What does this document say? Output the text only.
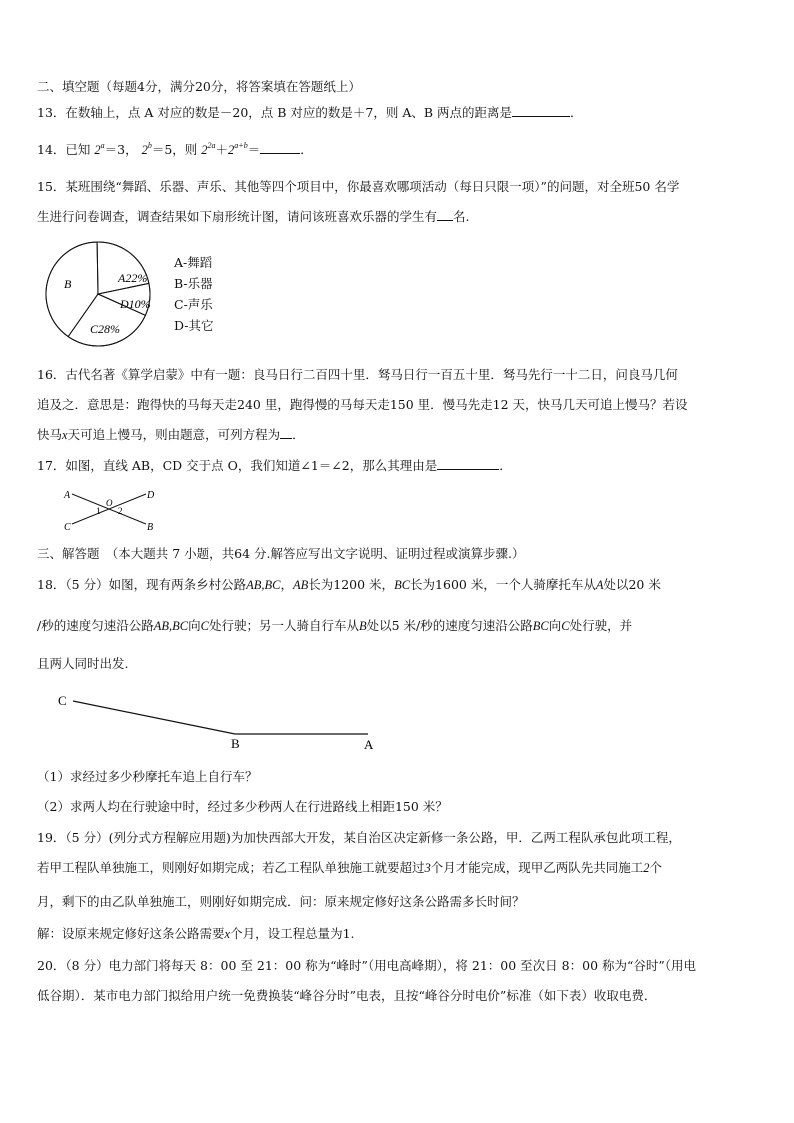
二、填空题（每题4分，满分20分，将答案填在答题纸上）
13．在数轴上，点 A 对应的数是－20，点 B 对应的数是＋7，则 A、B 两点的距离是	．
14．已知 $2^a=3$， $2^b=5$，则 $2^{2a}+2^{a+b}=$	．
15．某班围绕“舞蹈、乐器、声乐、其他等四个项目中，你最喜欢哪项活动（每日只限一项）”的问题，对全班50 名学
生进行问卷调查，调查结果如下扇形统计图，请问该班喜欢乐器的学生有 名.
B	A22%
D10%
C28%
A-舞蹈
B-乐器
C-声乐
D-其它
16．古代名著《算学启蒙》中有一题：良马日行二百四十里．驽马日行一百五十里．驽马先行一十二日，问良马几何
追及之．意思是：跑得快的马每天走240 里，跑得慢的马每天走150 里．慢马先走12 天，快马几天可追上慢马？若设
快马x天可追上慢马，则由题意，可列方程为 ．
17．如图，直线 AB，CD 交于点 O，我们知道∠1＝∠2，那么其理由是	．
A	D
O
1 2
C	B
三、解答题　（本大题共 7 小题，共64 分.解答应写出文字说明、证明过程或演算步骤.）
18．（5 分）如图，现有两条乡村公路AB,BC，AB长为1200 米，BC长为1600 米，一个人骑摩托车从A处以20 米
/秒的速度匀速沿公路AB,BC向C处行驶；另一人骑自行车从B处以5 米/秒的速度匀速沿公路BC向C处行驶，并
且两人同时出发.
C
B	A
（1）求经过多少秒摩托车追上自行车？
（2）求两人均在行驶途中时，经过多少秒两人在行进路线上相距150 米？
19．（5 分）(列分式方程解应用题)为加快西部大开发，某自治区决定新修一条公路，甲．乙两工程队承包此项工程，
若甲工程队单独施工，则刚好如期完成；若乙工程队单独施工就要超过3个月才能完成，现甲乙两队先共同施工2个
月，剩下的由乙队单独施工，则刚好如期完成．问：原来规定修好这条公路需多长时间？
解：设原来规定修好这条公路需要x个月，设工程总量为1.
20．（8 分）电力部门将每天 8：00 至 21：00 称为“峰时”（用电高峰期），将 21：00 至次日 8：00 称为“谷时”（用电
低谷期）．某市电力部门拟给用户统一免费换装“峰谷分时”电表，且按“峰谷分时电价”标准（如下表）收取电费．
